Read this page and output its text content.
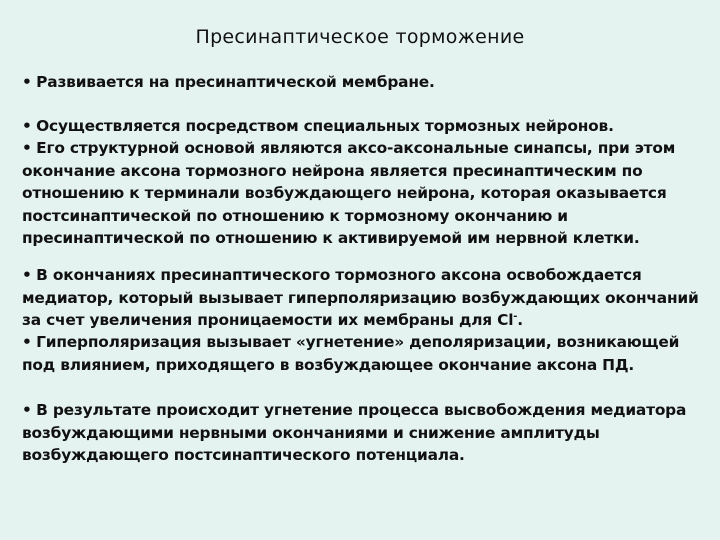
Пресинаптическое торможение
• Развивается на пресинаптической мембране.
• Осуществляется посредством специальных тормозных нейронов.
• Его структурной основой являются аксо-аксональные синапсы, при этом окончание аксона тормозного нейрона является пресинаптическим по отношению к терминали возбуждающего нейрона, которая оказывается постсинаптической по отношению к тормозному окончанию и пресинаптической по отношению к активируемой им нервной клетки.
• В окончаниях пресинаптического тормозного аксона освобождается медиатор, который вызывает гиперполяризацию возбуждающих окончаний за счет увеличения проницаемости их мембраны для Cl-.
• Гиперполяризация вызывает «угнетение» деполяризации, возникающей под влиянием, приходящего в возбуждающее окончание аксона ПД.
• В результате происходит угнетение процесса высвобождения медиатора возбуждающими нервными окончаниями и снижение амплитуды возбуждающего постсинаптического потенциала.
